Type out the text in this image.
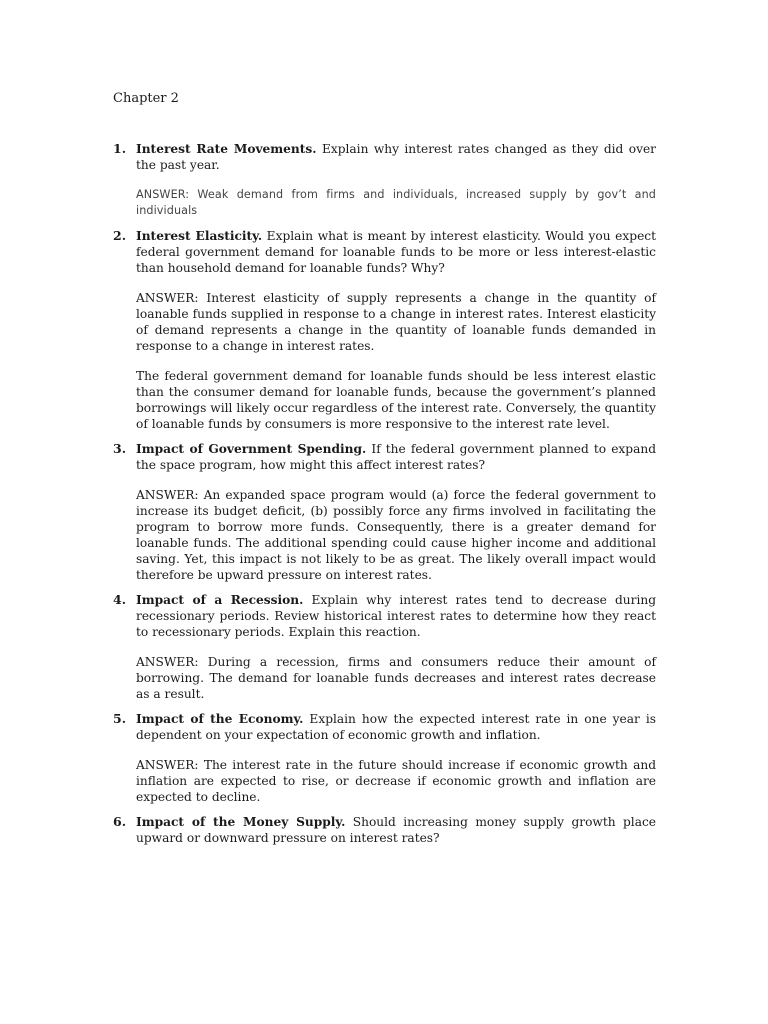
Chapter 2
1. Interest Rate Movements. Explain why interest rates changed as they did over the past year.

ANSWER: Weak demand from firms and individuals, increased supply by gov’t and individuals

2. Interest Elasticity. Explain what is meant by interest elasticity. Would you expect federal government demand for loanable funds to be more or less interest-elastic than household demand for loanable funds? Why?

ANSWER: Interest elasticity of supply represents a change in the quantity of loanable funds supplied in response to a change in interest rates. Interest elasticity of demand represents a change in the quantity of loanable funds demanded in response to a change in interest rates.

The federal government demand for loanable funds should be less interest elastic than the consumer demand for loanable funds, because the government’s planned borrowings will likely occur regardless of the interest rate. Conversely, the quantity of loanable funds by consumers is more responsive to the interest rate level.

3. Impact of Government Spending. If the federal government planned to expand the space program, how might this affect interest rates?

ANSWER: An expanded space program would (a) force the federal government to increase its budget deficit, (b) possibly force any firms involved in facilitating the program to borrow more funds. Consequently, there is a greater demand for loanable funds. The additional spending could cause higher income and additional saving. Yet, this impact is not likely to be as great. The likely overall impact would therefore be upward pressure on interest rates.

4. Impact of a Recession. Explain why interest rates tend to decrease during recessionary periods. Review historical interest rates to determine how they react to recessionary periods. Explain this reaction.

ANSWER: During a recession, firms and consumers reduce their amount of borrowing. The demand for loanable funds decreases and interest rates decrease as a result.

5. Impact of the Economy. Explain how the expected interest rate in one year is dependent on your expectation of economic growth and inflation.

ANSWER: The interest rate in the future should increase if economic growth and inflation are expected to rise, or decrease if economic growth and inflation are expected to decline.

6. Impact of the Money Supply. Should increasing money supply growth place upward or downward pressure on interest rates?
